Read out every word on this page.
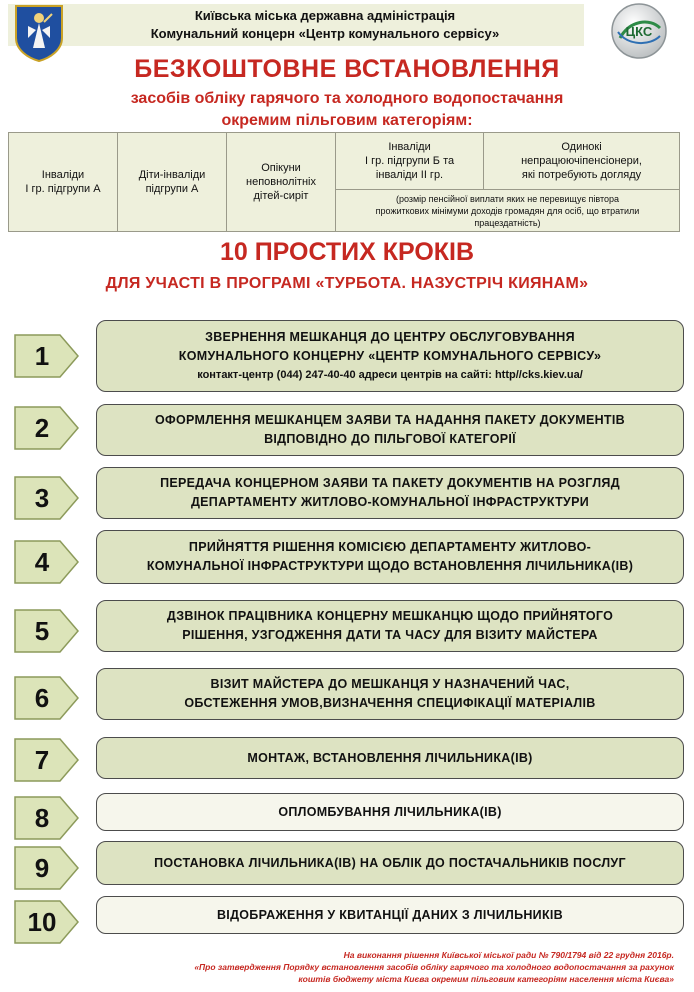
Київська міська державна адміністрація
Комунальний концерн «Центр комунального сервісу»	ЦКС
БЕЗКОШТОВНЕ ВСТАНОВЛЕННЯ
засобів обліку гарячого та холодного водопостачання
окремим пільговим категоріям:
Інваліди
I гр. підгрупи А	Діти-інваліди
підгрупи А	Опікуни
неповнолітніх
дітей-сиріт	Інваліди
I гр. підгрупи Б та
інваліди II гр.	Одинокі
непрацюючіпенсіонери,
які потребують догляду
(розмір пенсійної виплати яких не перевищує півтора
прожиткових мінімуми доходів громадян для осіб, що втратили
працездатність)
10 ПРОСТИХ КРОКІВ
ДЛЯ УЧАСТІ В ПРОГРАМІ «ТУРБОТА. НАЗУСТРІЧ КИЯНАМ»
1
ЗВЕРНЕННЯ МЕШКАНЦЯ ДО ЦЕНТРУ ОБСЛУГОВУВАННЯ
КОМУНАЛЬНОГО КОНЦЕРНУ «ЦЕНТР КОМУНАЛЬНОГО СЕРВІСУ»
контакт-центр (044) 247-40-40 адреси центрів на сайті: http//cks.kiev.ua/
2	ОФОРМЛЕННЯ МЕШКАНЦЕМ ЗАЯВИ ТА НАДАННЯ ПАКЕТУ ДОКУМЕНТІВ
ВІДПОВІДНО ДО ПІЛЬГОВОЇ КАТЕГОРІЇ
3	ПЕРЕДАЧА КОНЦЕРНОМ ЗАЯВИ ТА ПАКЕТУ ДОКУМЕНТІВ НА РОЗГЛЯД
ДЕПАРТАМЕНТУ ЖИТЛОВО-КОМУНАЛЬНОЇ ІНФРАСТРУКТУРИ
4	ПРИЙНЯТТЯ РІШЕННЯ КОМІСІЄЮ ДЕПАРТАМЕНТУ ЖИТЛОВО-
КОМУНАЛЬНОЇ ІНФРАСТРУКТУРИ ЩОДО ВСТАНОВЛЕННЯ ЛІЧИЛЬНИКА(ІВ)
5	ДЗВІНОК ПРАЦІВНИКА КОНЦЕРНУ МЕШКАНЦЮ ЩОДО ПРИЙНЯТОГО
РІШЕННЯ, УЗГОДЖЕННЯ ДАТИ ТА ЧАСУ ДЛЯ ВІЗИТУ МАЙСТЕРА
6	ВІЗИТ МАЙСТЕРА ДО МЕШКАНЦЯ У НАЗНАЧЕНИЙ ЧАС,
ОБСТЕЖЕННЯ УМОВ,ВИЗНАЧЕННЯ СПЕЦИФІКАЦІЇ МАТЕРІАЛІВ
7	МОНТАЖ, ВСТАНОВЛЕННЯ ЛІЧИЛЬНИКА(ІВ)
8	ОПЛОМБУВАННЯ ЛІЧИЛЬНИКА(ІВ)
9	ПОСТАНОВКА ЛІЧИЛЬНИКА(ІВ) НА ОБЛІК ДО ПОСТАЧАЛЬНИКІВ ПОСЛУГ
10	ВІДОБРАЖЕННЯ У КВИТАНЦІЇ ДАНИХ З ЛІЧИЛЬНИКІВ
На виконання рішення Київської міської ради № 790/1794 від 22 грудня 2016р.
«Про затвердження Порядку встановлення засобів обліку гарячого та холодного водопостачання за рахунок
коштів бюджету міста Києва окремим пільговим категоріям населення міста Києва»
